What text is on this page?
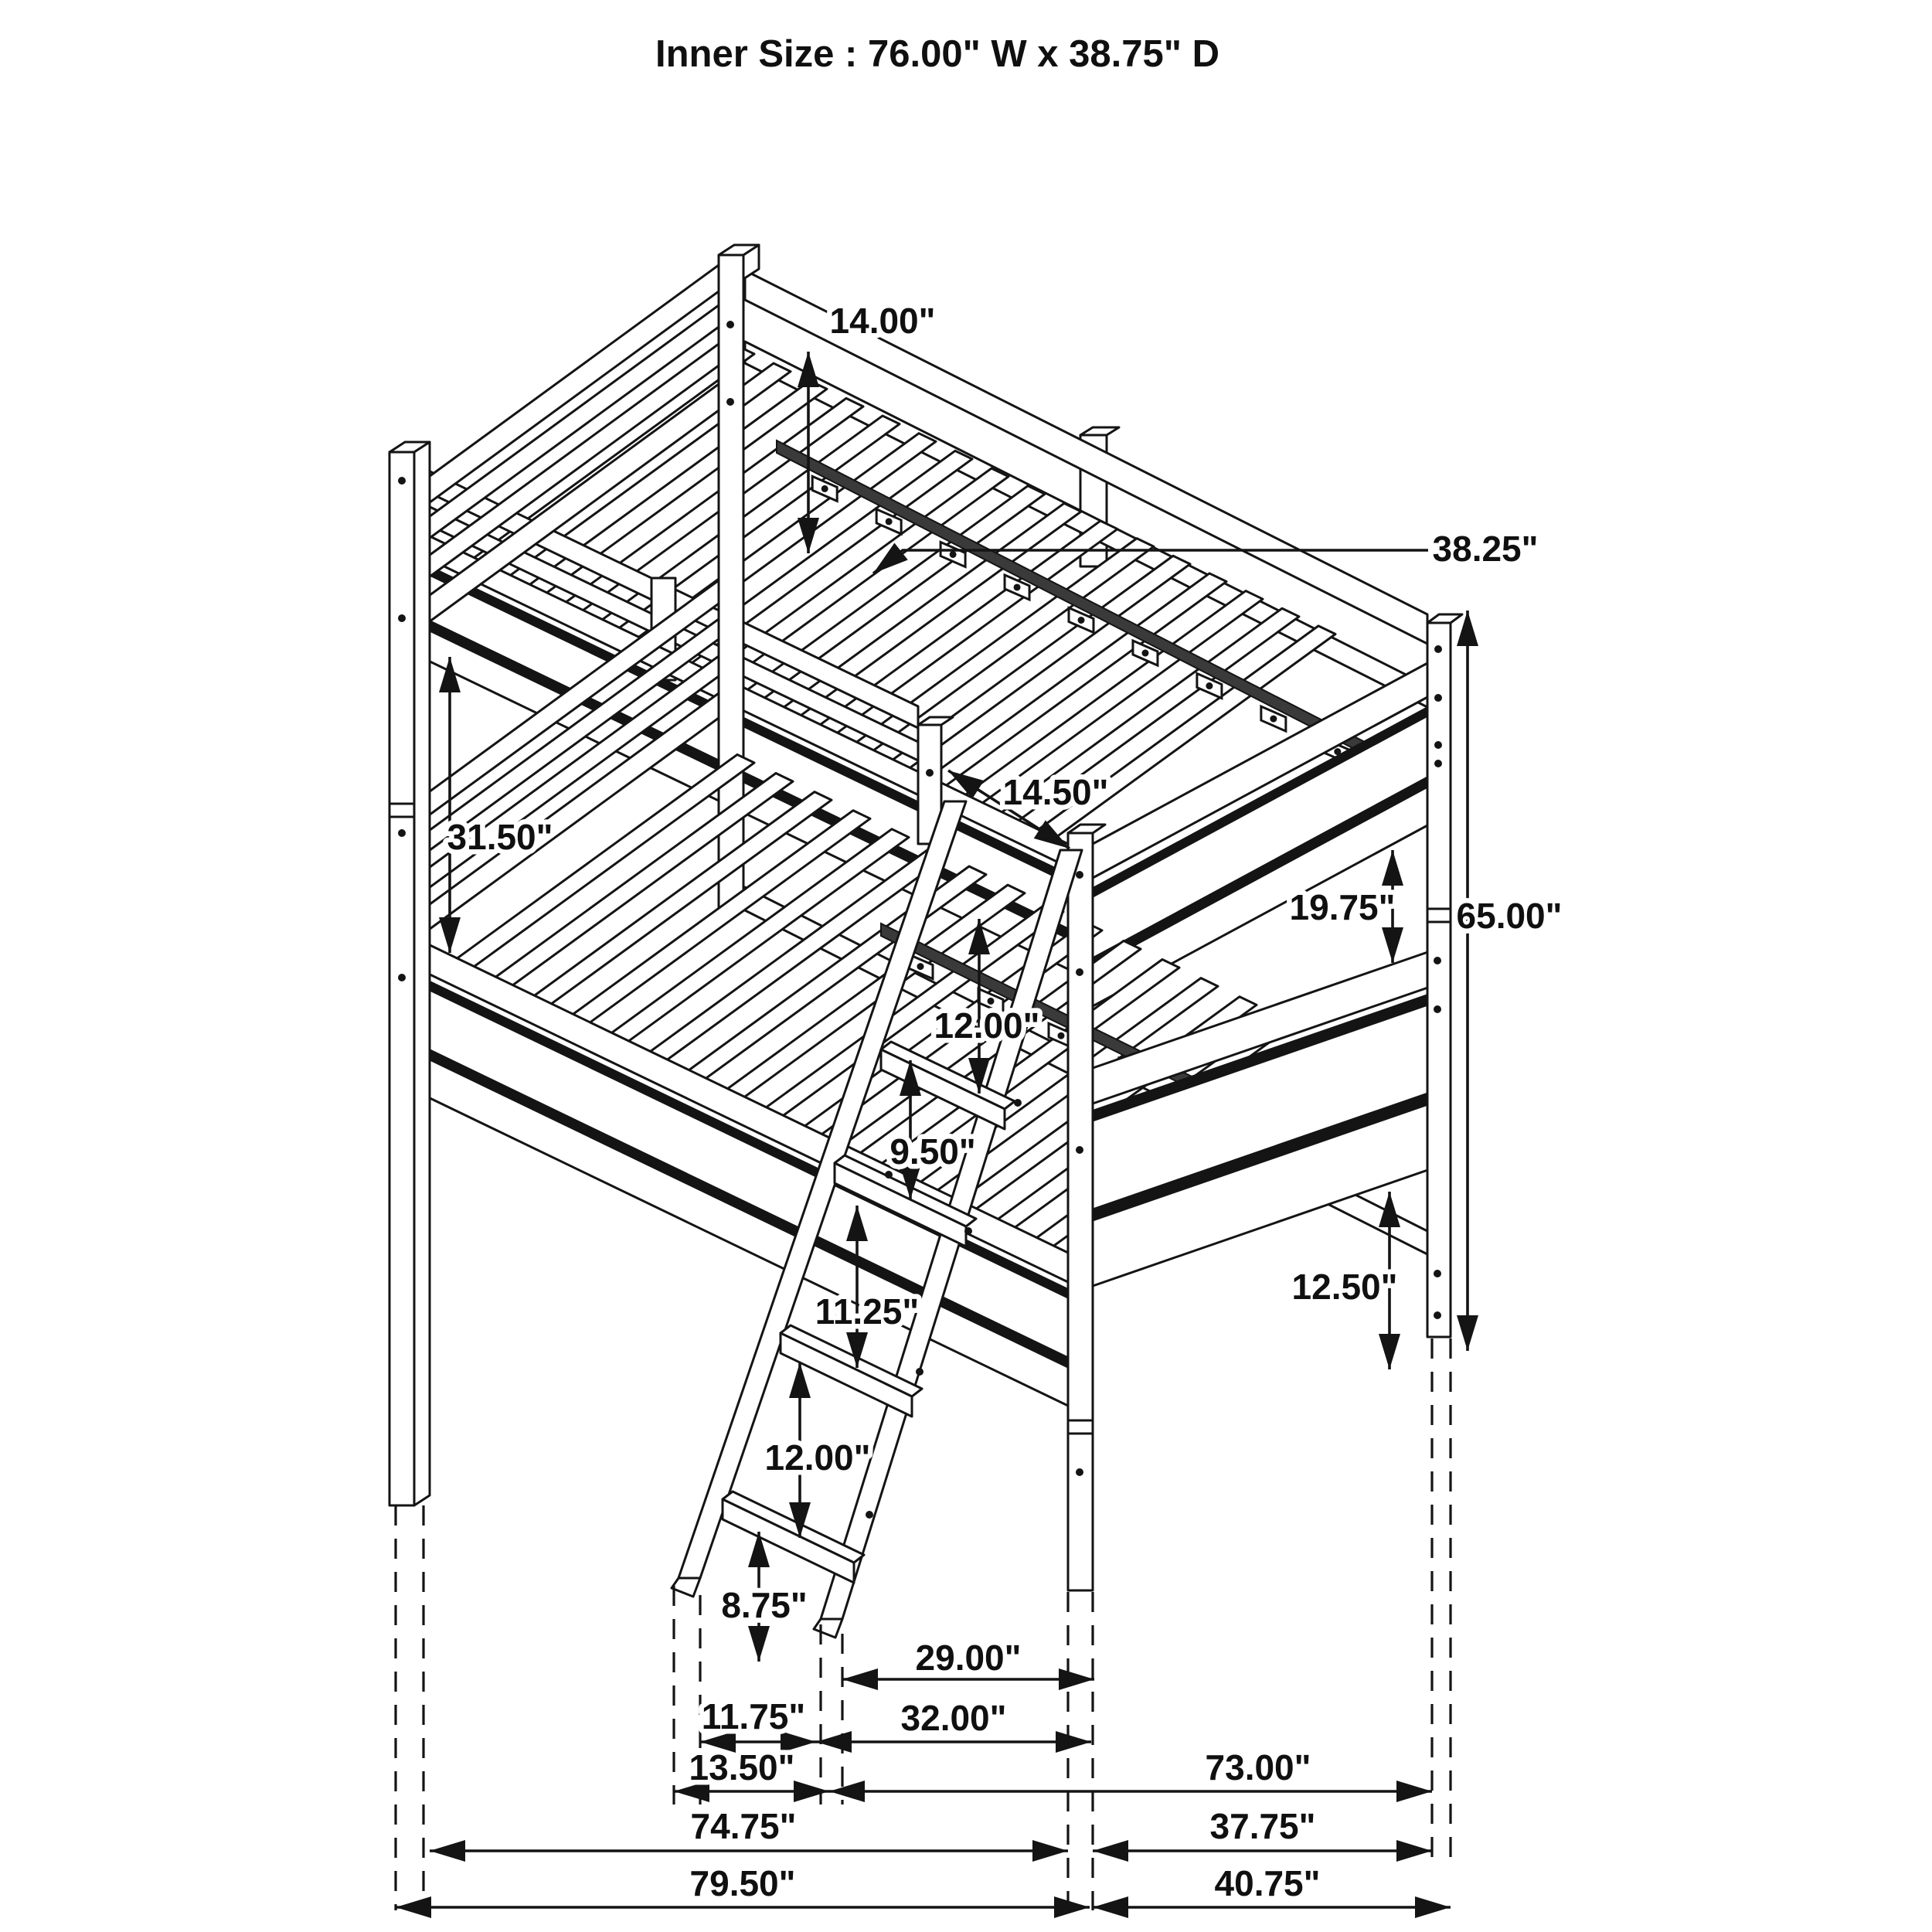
Inner Size : 76.00" W x 38.75" D
14.00"
38.25"
31.50"
14.50"
12.00"
9.50"
11.25"
12.00"
8.75"
19.75"
12.50"
65.00"
29.00"
11.75"	32.00"
13.50"	73.00"
74.75"	37.75"
79.50"	40.75"
